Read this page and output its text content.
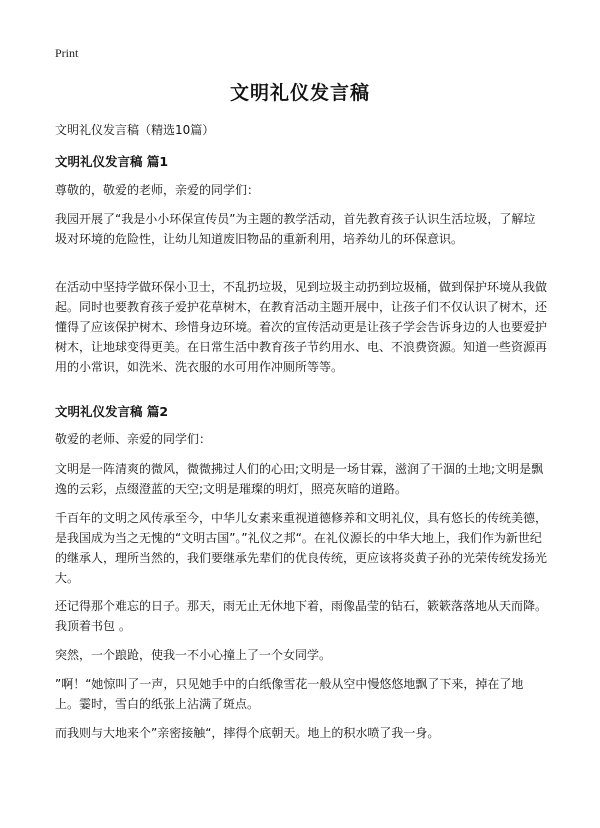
Print
文明礼仪发言稿
文明礼仪发言稿（精选10篇）
文明礼仪发言稿 篇1
尊敬的，敬爱的老师，亲爱的同学们：
我园开展了“我是小小环保宣传员”为主题的教学活动，首先教育孩子认识生活垃圾，了解垃圾对环境的危险性，让幼儿知道废旧物品的重新利用，培养幼儿的环保意识。
在活动中坚持学做环保小卫士，不乱扔垃圾，见到垃圾主动扔到垃圾桶，做到保护环境从我做起。同时也要教育孩子爱护花草树木，在教育活动主题开展中，让孩子们不仅认识了树木，还懂得了应该保护树木、珍惜身边环境。着次的宣传活动更是让孩子学会告诉身边的人也要爱护树木，让地球变得更美。在日常生活中教育孩子节约用水、电、不浪费资源。知道一些资源再用的小常识，如洗米、洗衣服的水可用作冲厕所等等。
文明礼仪发言稿 篇2
敬爱的老师、亲爱的同学们：
文明是一阵清爽的微风，微微拂过人们的心田;文明是一场甘霖，滋润了干涸的土地;文明是飘逸的云彩，点缀澄蓝的天空;文明是璀璨的明灯，照亮灰暗的道路。
千百年的文明之风传承至今，中华儿女素来重视道德修养和文明礼仪，具有悠长的传统美德，是我国成为当之无愧的“文明古国”。”礼仪之邦“。在礼仪源长的中华大地上，我们作为新世纪的继承人，理所当然的，我们要继承先辈们的优良传统，更应该将炎黄子孙的光荣传统发扬光大。
还记得那个难忘的日子。那天，雨无止无休地下着，雨像晶莹的钻石，簌簌落落地从天而降。我顶着书包 。
突然，一个踉跄，使我一不小心撞上了一个女同学。
”啊！“她惊叫了一声，只见她手中的白纸像雪花一般从空中慢悠悠地飘了下来，掉在了地上。霎时，雪白的纸张上沾满了斑点。
而我则与大地来个”亲密接触“，摔得个底朝天。地上的积水喷了我一身。
